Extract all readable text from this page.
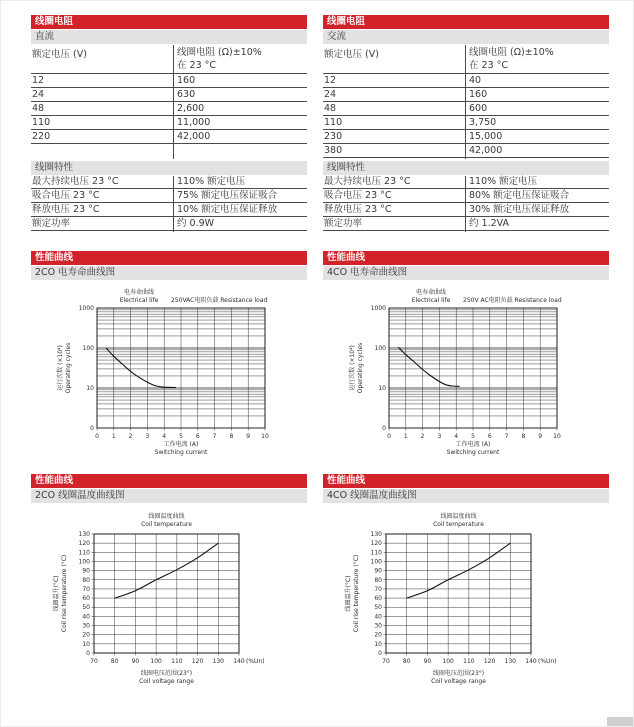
线圈电阻
直流
额定电压 (V)	线圈电阻 (Ω)±10%
在 23 °C
12	160
24	630
48	2,600
110	11,000
220	42,000
线圈特性
最大持续电压 23 °C	110% 额定电压
吸合电压 23 °C	75% 额定电压保证吸合
释放电压 23 °C	10% 额定电压保证释放
额定功率	约 0.9W
性能曲线
2CO 电寿命曲线图
1000
100
10
0
0 1 2 3 4 5 6 7 8 9 10
电寿命曲线
Electrical life 250VAC电阻负载 Resistance load
运行次数 (×10⁴) Operating cycles
工作电流 (A)
Switching current
性能曲线
2CO 线圈温度曲线图
0
10
20
30
40
50
60
70
80
90
100
110
120
130
70 80 90 100 110 120 130 140 (%Un)
线圈温度曲线
Coil temperature
线圈温升(°C) Coil rise temperature (°C)
线圈电压范围(23°)
Coil voltage range
线圈电阻
交流
额定电压 (V)	线圈电阻 (Ω)±10%
在 23 °C
12	40
24	160
48	600
110	3,750
230	15,000
380	42,000
线圈特性
最大持续电压 23 °C	110% 额定电压
吸合电压 23 °C	80% 额定电压保证吸合
释放电压 23 °C	30% 额定电压保证释放
额定功率	约 1.2VA
性能曲线
4CO 电寿命曲线图
1000
100
10
0
0 1 2 3 4 5 6 7 8 9 10
电寿命曲线
Electrical life 250V AC电阻负载 Resistance load
运行次数 (×10⁴) Operating cycles
工作电流 (A)
Switching current
性能曲线
4CO 线圈温度曲线图
0
10
20
30
40
50
60
70
80
90
100
110
120
130
70 80 90 100 110 120 130 140 (%Un)
线圈温度曲线
Coil temperature
线圈温升(°C) Coil rise temperature (°C)
线圈电压范围(23°)
Coil voltage range
